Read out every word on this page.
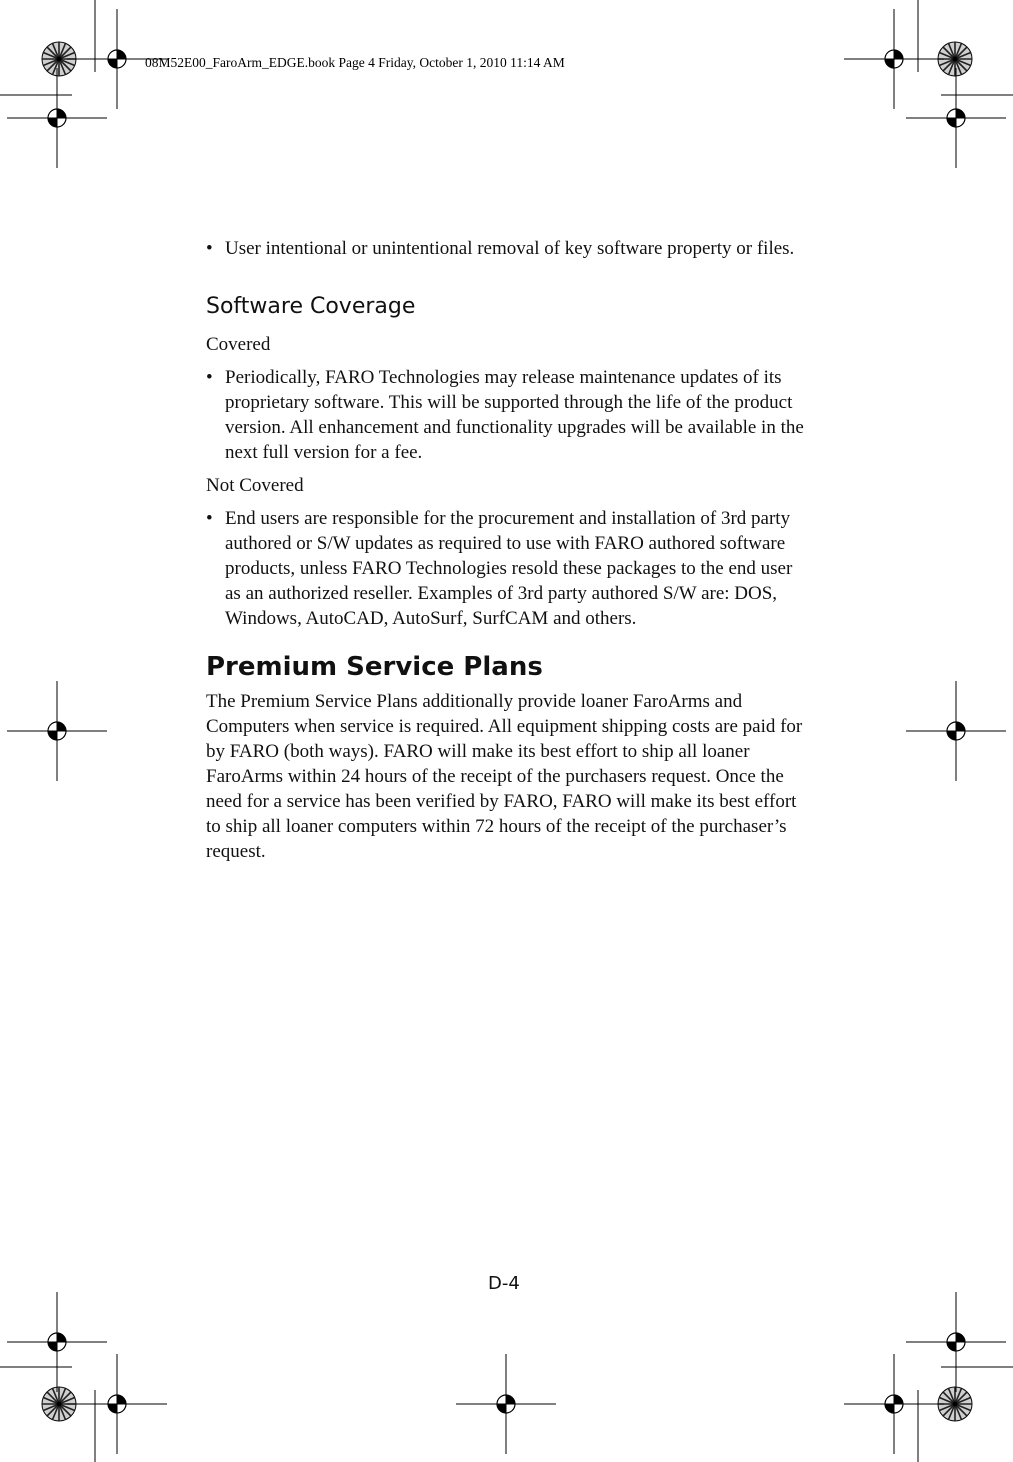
08M52E00_FaroArm_EDGE.book Page 4 Friday, October 1, 2010 11:14 AM

• User intentional or unintentional removal of key software property or files.

Software Coverage

Covered

• Periodically, FARO Technologies may release maintenance updates of its proprietary software. This will be supported through the life of the product version. All enhancement and functionality upgrades will be available in the next full version for a fee.

Not Covered

• End users are responsible for the procurement and installation of 3rd party authored or S/W updates as required to use with FARO authored software products, unless FARO Technologies resold these packages to the end user as an authorized reseller. Examples of 3rd party authored S/W are: DOS, Windows, AutoCAD, AutoSurf, SurfCAM and others.

Premium Service Plans

The Premium Service Plans additionally provide loaner FaroArms and Computers when service is required. All equipment shipping costs are paid for by FARO (both ways). FARO will make its best effort to ship all loaner FaroArms within 24 hours of the receipt of the purchasers request. Once the need for a service has been verified by FARO, FARO will make its best effort to ship all loaner computers within 72 hours of the receipt of the purchaser’s request.

D-4
